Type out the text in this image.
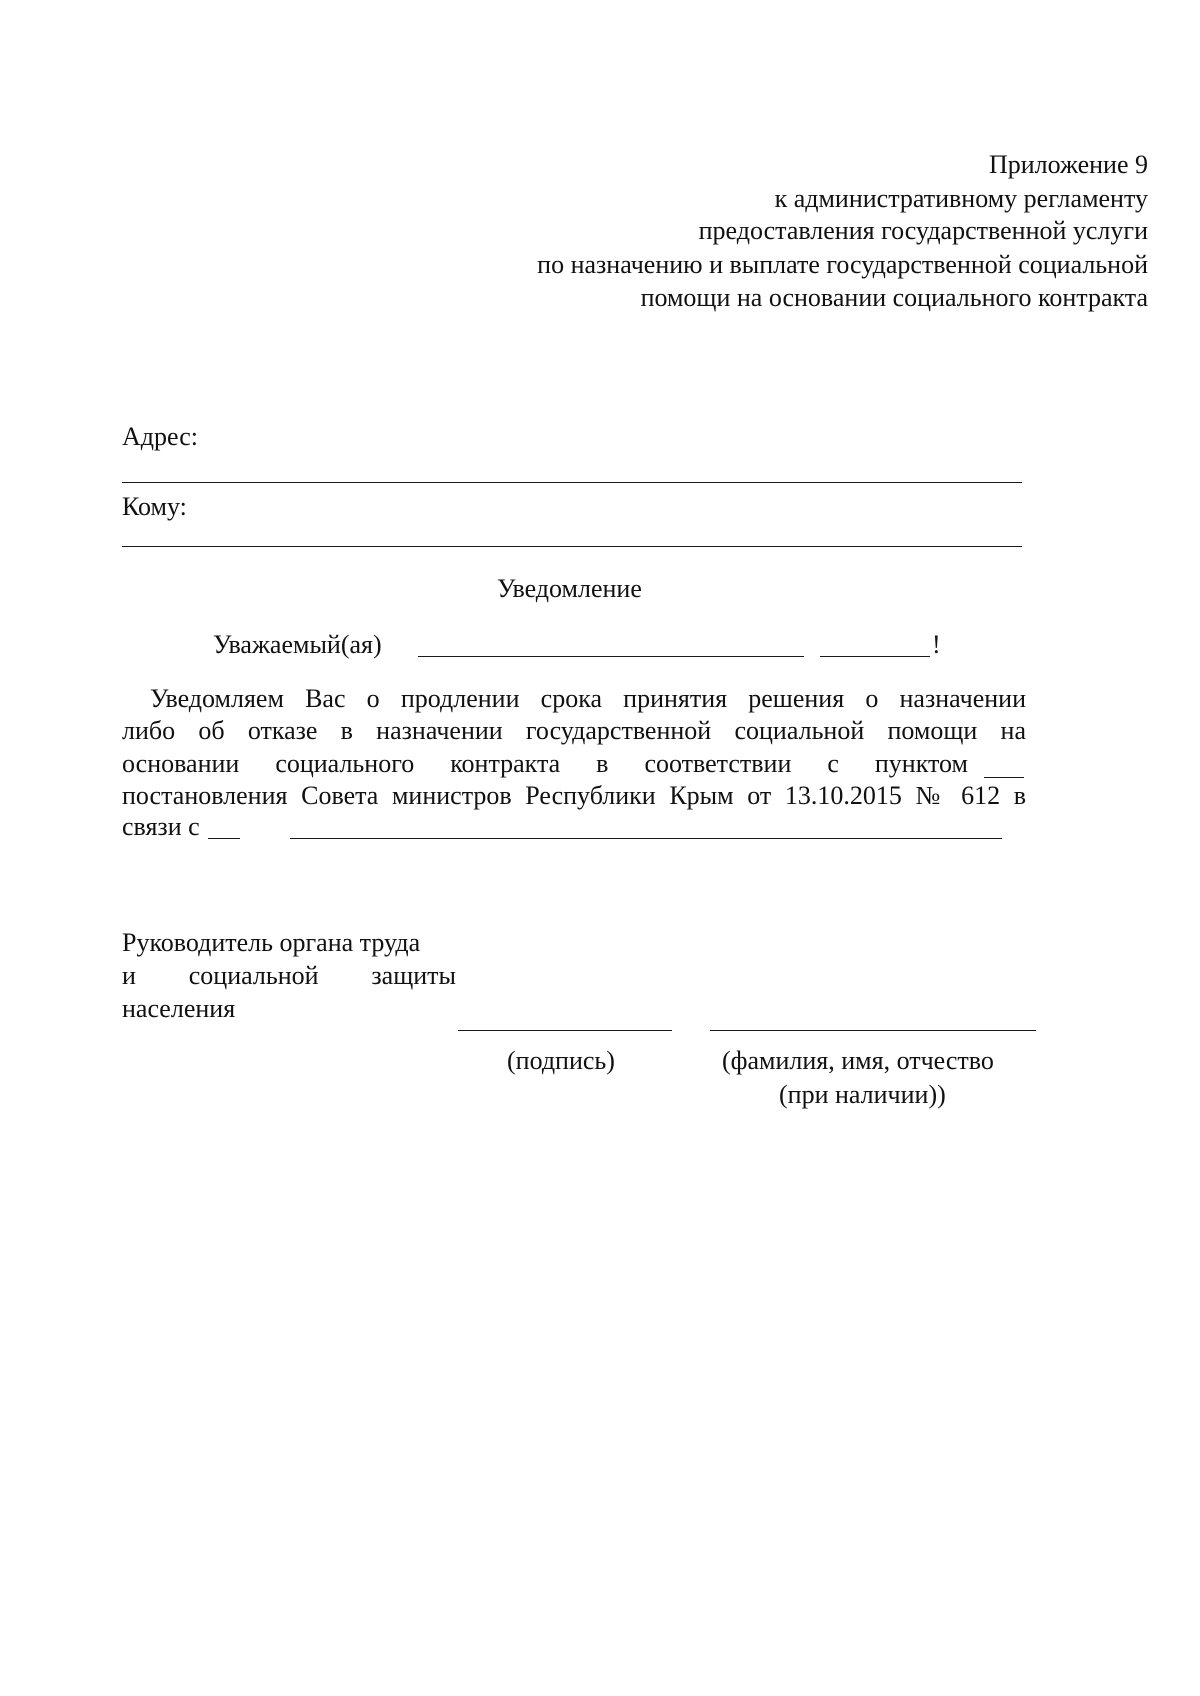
Приложение 9
к административному регламенту
предоставления государственной услуги
по назначению и выплате государственной социальной
помощи на основании социального контракта
Адрес:
Кому:
Уведомление
Уважаемый(ая)	!
Уведомляем Вас о продлении срока принятия решения о назначении
либо об отказе в назначении государственной социальной помощи на
основании социального контракта в соответствии с пунктом
постановления Совета министров Республики Крым от 13.10.2015 № 612 в
связи с
Руководитель органа труда
и социальной защиты
населения
(подпись)	(фамилия, имя, отчество
(при наличии))
